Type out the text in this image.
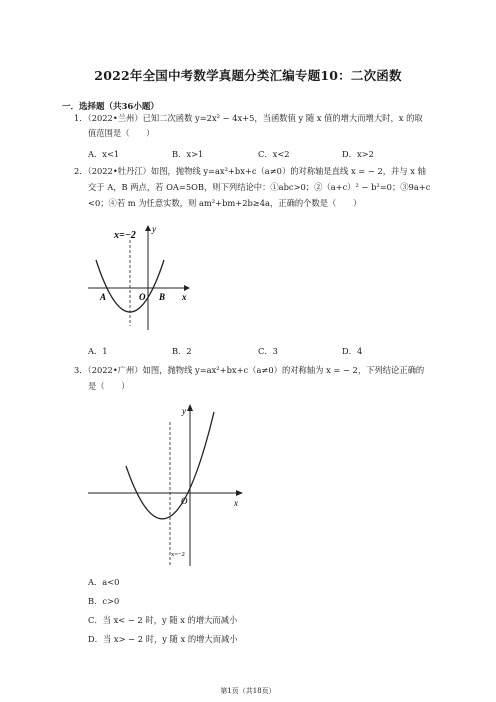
2022年全国中考数学真题分类汇编专题10：二次函数
一．选择题（共36小题）
1．（2022•兰州）已知二次函数 y=2x² − 4x+5，当函数值 y 随 x 值的增大而增大时，x 的取
值范围是（　　）
A．x<1	B．x>1	C．x<2	D．x>2
2．（2022•牡丹江）如图，抛物线 y=ax²+bx+c（a≠0）的对称轴是直线 x = − 2，并与 x 轴
交于 A，B 两点，若 OA=5OB，则下列结论中：①abc>0；②（a+c）² − b²=0；③9a+c
<0；④若 m 为任意实数，则 am²+bm+2b≥4a，正确的个数是（　　）
x=−2
y
x
A	O B
A．1	B．2	C．3	D．4
3．（2022•广州）如图，抛物线 y=ax²+bx+c（a≠0）的对称轴为 x = − 2，下列结论正确的
是（　　）
y
x
O
x=−2
A．a<0
B．c>0
C．当 x< − 2 时，y 随 x 的增大而减小
D．当 x> − 2 时，y 随 x 的增大而减小
第1页（共18页）
